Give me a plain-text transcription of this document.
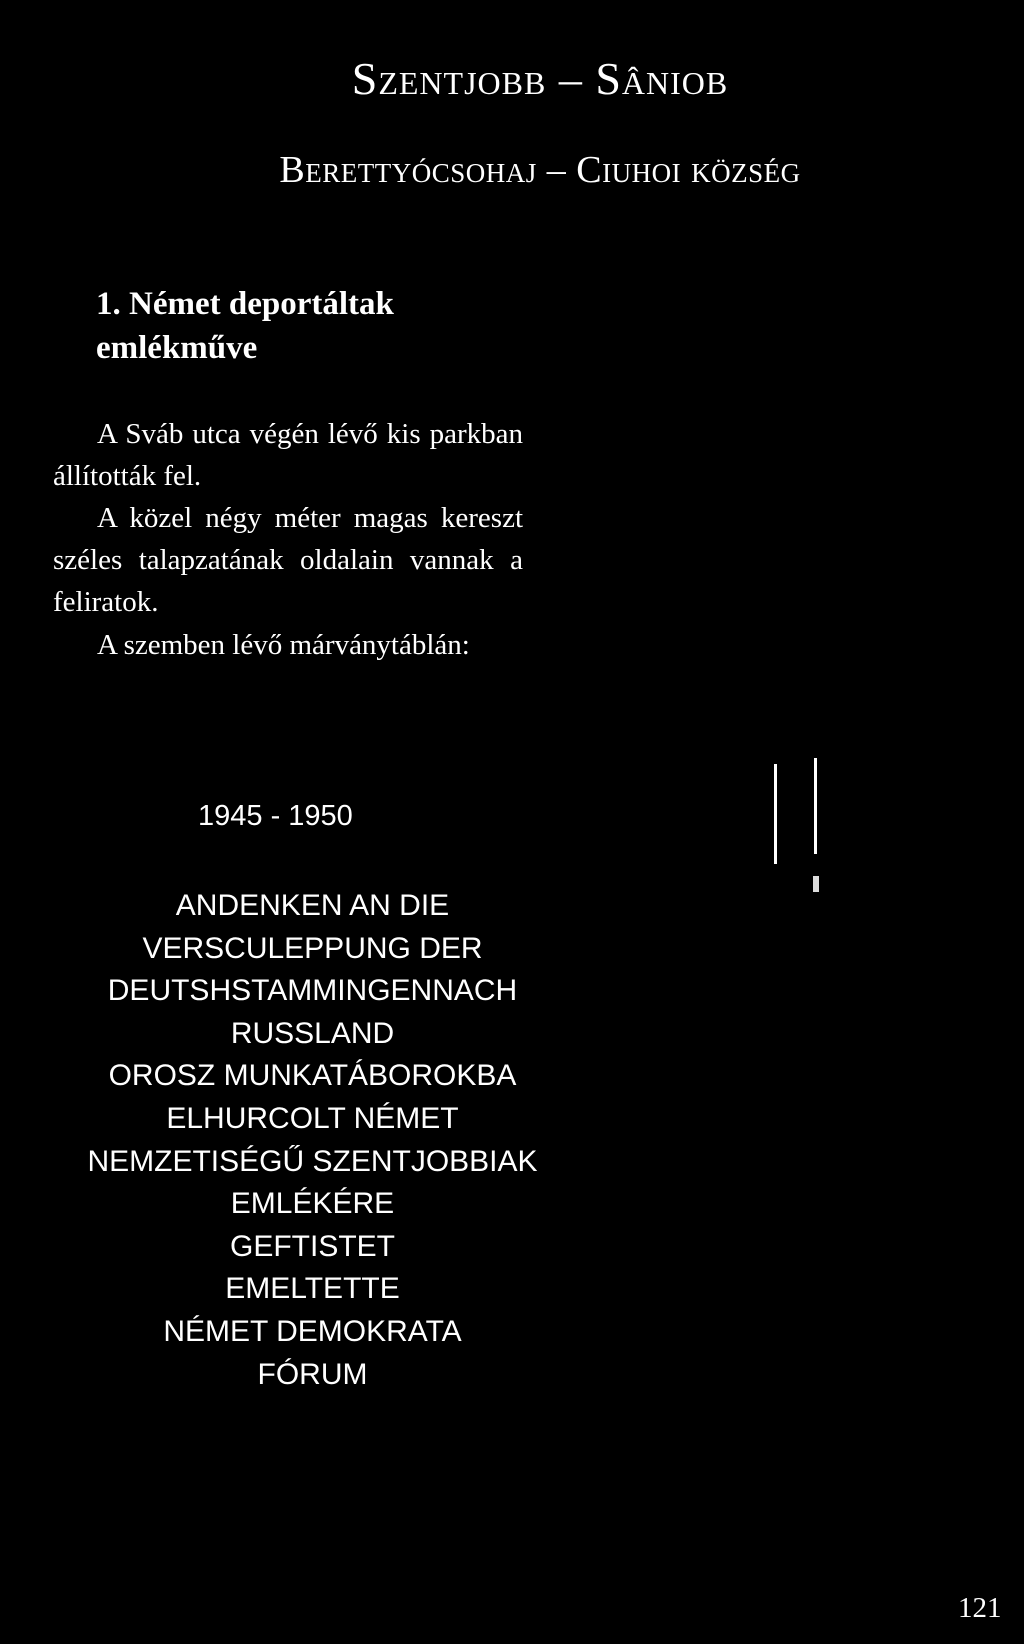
Szentjobb – Sâniob
Berettyócsohaj – Ciuhoi község
1. Német deportáltak
emlékműve

A Sváb utca végén lévő kis parkban állították fel.

A közel négy méter magas kereszt széles talapzatának oldalain vannak a feliratok.

A szemben lévő márványtáblán:

1945 - 1950
ANDENKEN AN DIE
VERSCULEPPUNG DER
DEUTSHSTAMMINGENNACH
RUSSLAND
OROSZ MUNKATÁBOROKBA
ELHURCOLT NÉMET
NEMZETISÉGŰ SZENTJOBBIAK
EMLÉKÉRE
GEFTISTET
EMELTETTE
NÉMET DEMOKRATA
FÓRUM
121
